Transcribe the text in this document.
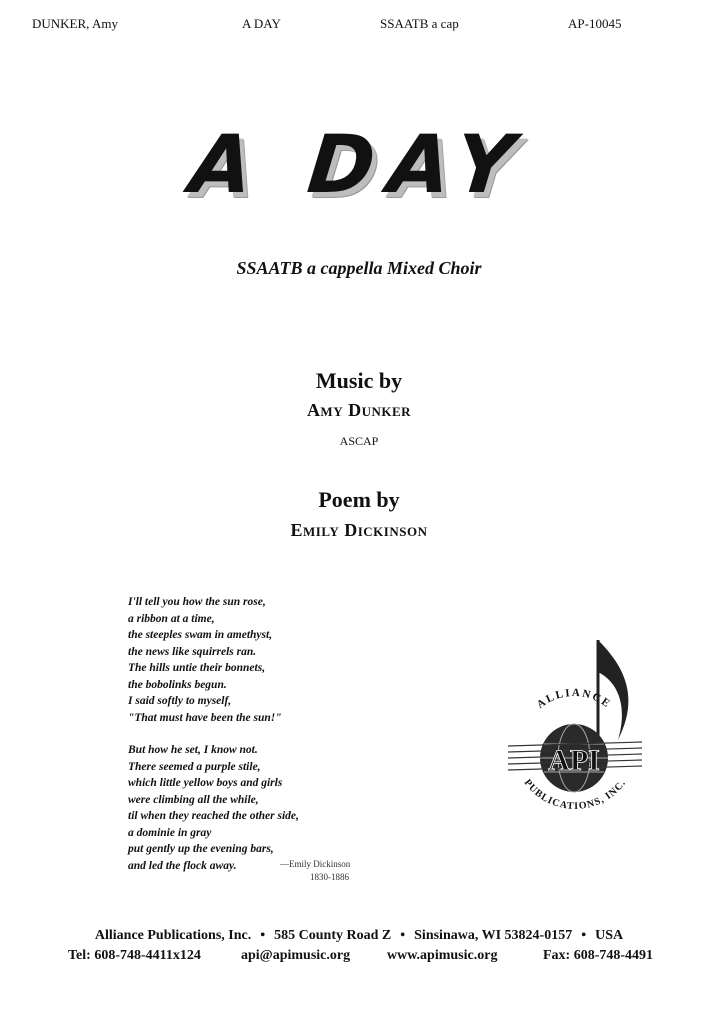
DUNKER, Amy	A DAY	SSAATB a cap	AP-10045
A DAY
SSAATB a cappella Mixed Choir
Music by
Amy Dunker
ASCAP
Poem by
Emily Dickinson
I'll tell you how the sun rose,
a ribbon at a time,
the steeples swam in amethyst,
the news like squirrels ran.
The hills untie their bonnets,
the bobolinks begun.
I said softly to myself,
"That must have been the sun!"
But how he set, I know not.
There seemed a purple stile,
which little yellow boys and girls
were climbing all the while,
til when they reached the other side,
a dominie in gray
put gently up the evening bars,
and led the flock away.	—Emily Dickinson
1830-1886
API
ALLIANCE
PUBLICATIONS, INC.
Alliance Publications, Inc. • 585 County Road Z • Sinsinawa, WI 53824-0157 • USA
Tel: 608-748-4411x124	api@apimusic.org	www.apimusic.org	Fax: 608-748-4491
